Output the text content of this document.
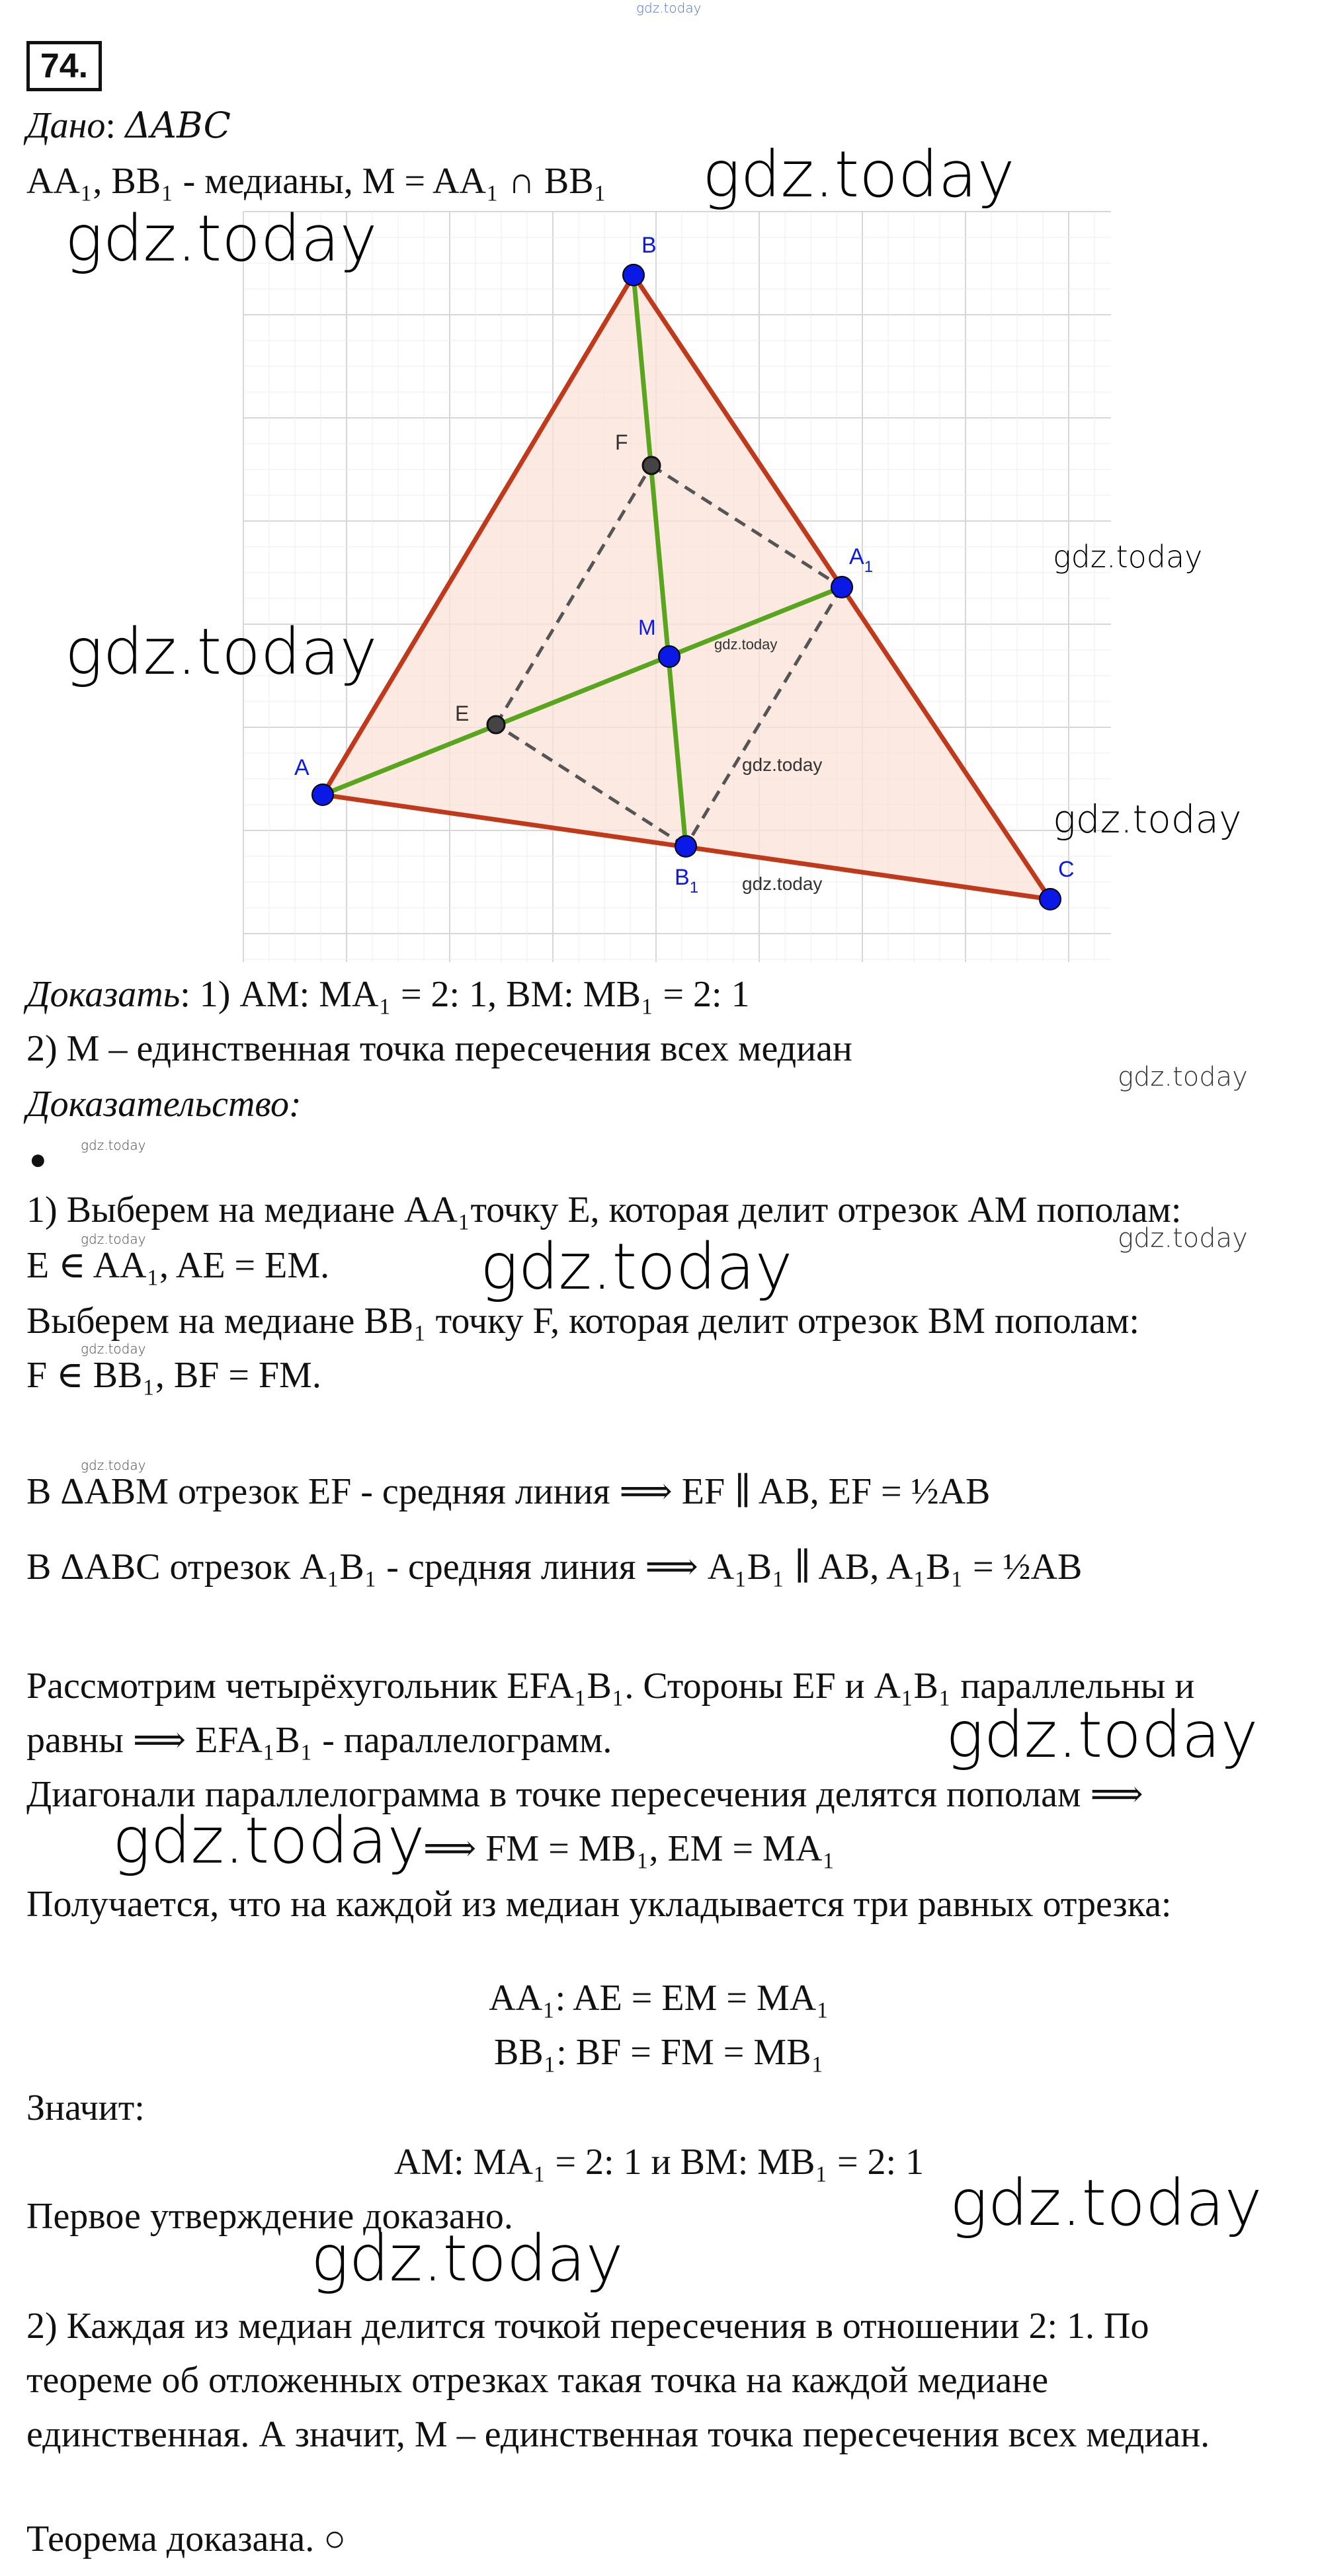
gdz.today
74.
Дано: ΔABC
AA₁, BB₁ - медианы, M = AA₁ ∩ BB₁
B
A
C
$A_1$
$B_1$
M
E
F
gdz.today
gdz.today
gdz.today
gdz.today
gdz.today
gdz.today
gdz.today
gdz.today
Доказать: 1) AM: MA₁ = 2: 1, BM: MB₁ = 2: 1
2) M – единственная точка пересечения всех медиан
Доказательство:
gdz.today
●	gdz.today
1) Выберем на медиане AA₁точку E, которая делит отрезок AM пополам:
gdz.today	gdz.today
E ∈ AA₁, AE = EM. gdz.today
Выберем на медиане BB₁ точку F, которая делит отрезок BM пополам:
gdz.today
F ∈ BB₁, BF = FM.
gdz.today
В ΔABM отрезок EF - средняя линия ⟹ EF ∥ AB, EF = ½AB
В ΔABC отрезок A₁B₁ - средняя линия ⟹ A₁B₁ ∥ AB, A₁B₁ = ½AB
Рассмотрим четырёхугольник EFA₁B₁. Стороны EF и A₁B₁ параллельны и
равны ⟹ EFA₁B₁ - параллелограмм.	gdz.today
Диагонали параллелограмма в точке пересечения делятся пополам ⟹
gdz.today
⟹ FM = MB₁, EM = MA₁
Получается, что на каждой из медиан укладывается три равных отрезка:
AA₁: AE = EM = MA₁
BB₁: BF = FM = MB₁
Значит:
AM: MA₁ = 2: 1 и BM: MB₁ = 2: 1
Первое утверждение доказано.	gdz.today
gdz.today
2) Каждая из медиан делится точкой пересечения в отношении 2: 1. По
теореме об отложенных отрезках такая точка на каждой медиане
единственная. А значит, M – единственная точка пересечения всех медиан.
Теорема доказана. ○
